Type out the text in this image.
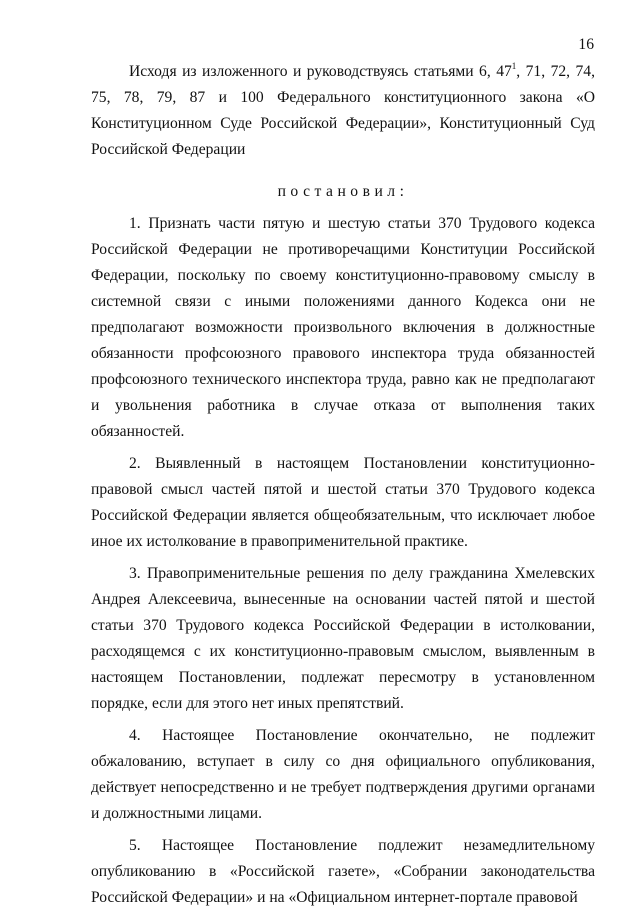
16

Исходя из изложенного и руководствуясь статьями 6, $47^1$, 71, 72, 74, 75, 78, 79, 87 и 100 Федерального конституционного закона «О Конституционном Суде Российской Федерации», Конституционный Суд Российской Федерации

постановил:

1. Признать части пятую и шестую статьи 370 Трудового кодекса Российской Федерации не противоречащими Конституции Российской Федерации, поскольку по своему конституционно-правовому смыслу в системной связи с иными положениями данного Кодекса они не предполагают возможности произвольного включения в должностные обязанности профсоюзного правового инспектора труда обязанностей профсоюзного технического инспектора труда, равно как не предполагают и увольнения работника в случае отказа от выполнения таких обязанностей.

2. Выявленный в настоящем Постановлении конституционно-правовой смысл частей пятой и шестой статьи 370 Трудового кодекса Российской Федерации является общеобязательным, что исключает любое иное их истолкование в правоприменительной практике.

3. Правоприменительные решения по делу гражданина Хмелевских Андрея Алексеевича, вынесенные на основании частей пятой и шестой статьи 370 Трудового кодекса Российской Федерации в истолковании, расходящемся с их конституционно-правовым смыслом, выявленным в настоящем Постановлении, подлежат пересмотру в установленном порядке, если для этого нет иных препятствий.

4. Настоящее Постановление окончательно, не подлежит обжалованию, вступает в силу со дня официального опубликования, действует непосредственно и не требует подтверждения другими органами и должностными лицами.

5. Настоящее Постановление подлежит незамедлительному опубликованию в «Российской газете», «Собрании законодательства Российской Федерации» и на «Официальном интернет-портале правовой
